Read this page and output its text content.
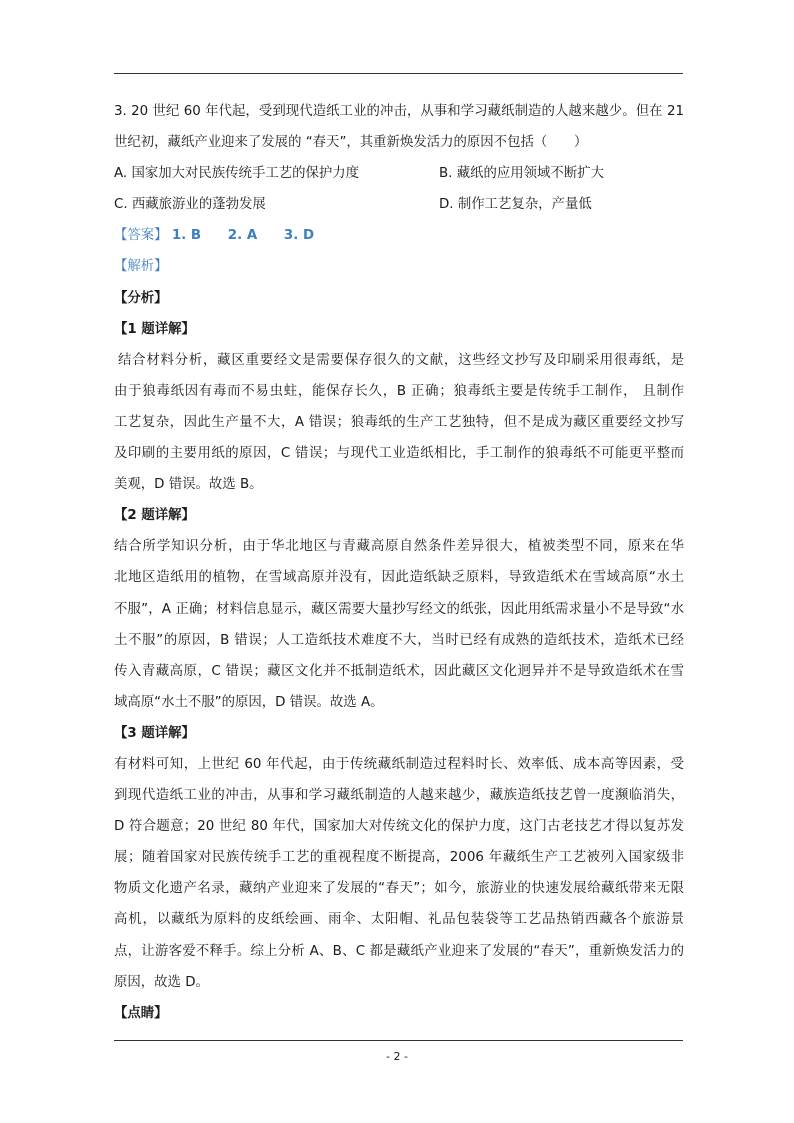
3. 20 世纪 60 年代起，受到现代造纸工业的冲击，从事和学习藏纸制造的人越来越少。但在 21
世纪初，藏纸产业迎来了发展的 “春天”，其重新焕发活力的原因不包括（　　）
A. 国家加大对民族传统手工艺的保护力度	B. 藏纸的应用领域不断扩大
C. 西藏旅游业的蓬勃发展	D. 制作工艺复杂，产量低
【答案】 1. B 2. A 3. D
【解析】
【分析】
【1 题详解】
结合材料分析，藏区重要经文是需要保存很久的文献，这些经文抄写及印刷采用很毒纸，是
由于狼毒纸因有毒而不易虫蛀，能保存长久，B 正确；狼毒纸主要是传统手工制作， 且制作
工艺复杂，因此生产量不大，A 错误；狼毒纸的生产工艺独特，但不是成为藏区重要经文抄写
及印刷的主要用纸的原因，C 错误；与现代工业造纸相比，手工制作的狼毒纸不可能更平整而
美观，D 错误。故选 B。
【2 题详解】
结合所学知识分析，由于华北地区与青藏高原自然条件差异很大，植被类型不同，原来在华
北地区造纸用的植物，在雪域高原并没有，因此造纸缺乏原料，导致造纸术在雪域高原“水土
不服”，A 正确；材料信息显示，藏区需要大量抄写经文的纸张，因此用纸需求量小不是导致“水
土不服”的原因，B 错误；人工造纸技术难度不大，当时已经有成熟的造纸技术，造纸术已经
传入青藏高原，C 错误；藏区文化并不抵制造纸术，因此藏区文化迥异并不是导致造纸术在雪
域高原“水土不服”的原因，D 错误。故选 A。
【3 题详解】
有材料可知，上世纪 60 年代起，由于传统藏纸制造过程料时长、效率低、成本高等因素，受
到现代造纸工业的冲击，从事和学习藏纸制造的人越来越少，藏族造纸技艺曾一度濒临消失，
D 符合题意；20 世纪 80 年代，国家加大对传统文化的保护力度，这门古老技艺才得以复苏发
展；随着国家对民族传统手工艺的重视程度不断提高，2006 年藏纸生产工艺被列入国家级非
物质文化遗产名录，藏纳产业迎来了发展的“春天”；如今，旅游业的快速发展给藏纸带来无限
高机，以藏纸为原料的皮纸绘画、雨伞、太阳帽、礼品包装袋等工艺品热销西藏各个旅游景
点，让游客爱不释手。综上分析 A、B、C 都是藏纸产业迎来了发展的“春天”，重新焕发活力的
原因，故选 D。
【点睛】
- 2 -
